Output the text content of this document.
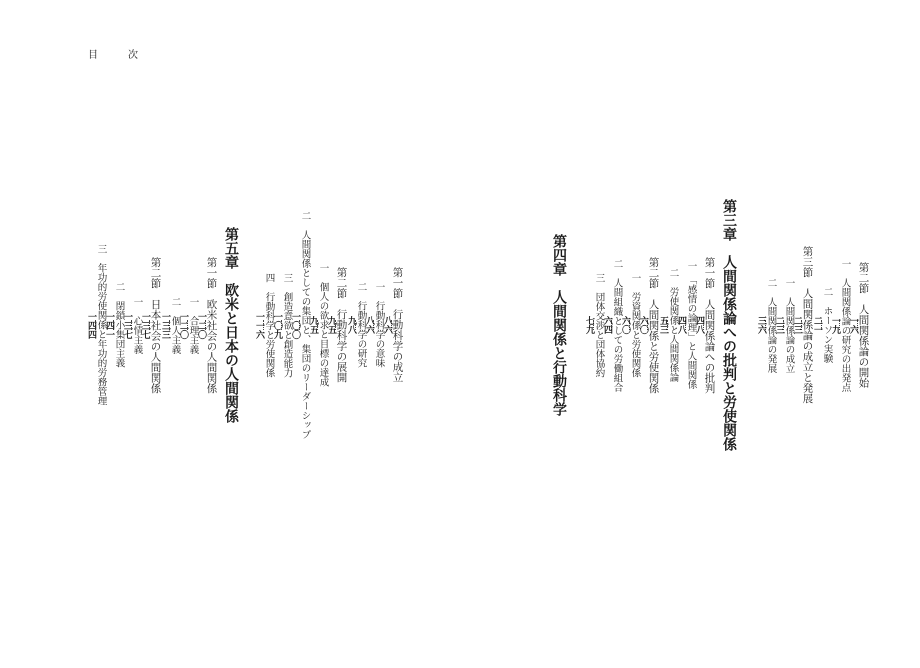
目次
第二節　人間関係論の開始
一六
一　人間関係論の研究の出発点
一九
二　ホーソン実験
二一
第三節　人間関係論の成立と発展
二三
一　人間関係論の成立
二三
二　人間関係論の発展
三六
第三章　人間関係論への批判と労使関係
第一節　人間関係論への批判
四八
一　「感情の論理」と人間関係
四八
二　労使関係と人間関係論
五三
第二節　人間関係と労使関係
六〇
一　労資関係と労使関係
六〇
二　人間組織としての労働組合
六四
三　団体交渉と団体協約
七九
第四章　人間関係と行動科学
第一節　行動科学の成立
八六
一　行動科学の意味
八六
二　行動科学の研究
九八
第二節　行動科学の展開
九五
一　個人の欲求と目標の達成
九五
二　人間関係としての集団と、集団のリーダーシップ
一〇〇
三　創造意欲と創造能力
一〇九
四　行動科学と労使関係
一一六
第五章　欧米と日本の人間関係
第一節　欧米社会の人間関係
一二〇
一　合理主義
一二〇
二　個人主義
一三三
第二節　日本社会の人間関係
一三七
一　心情主義
一三七
二　閉鎖小集団主義
一四一
三　年功的労使関係と年功的労務管理
一四四
